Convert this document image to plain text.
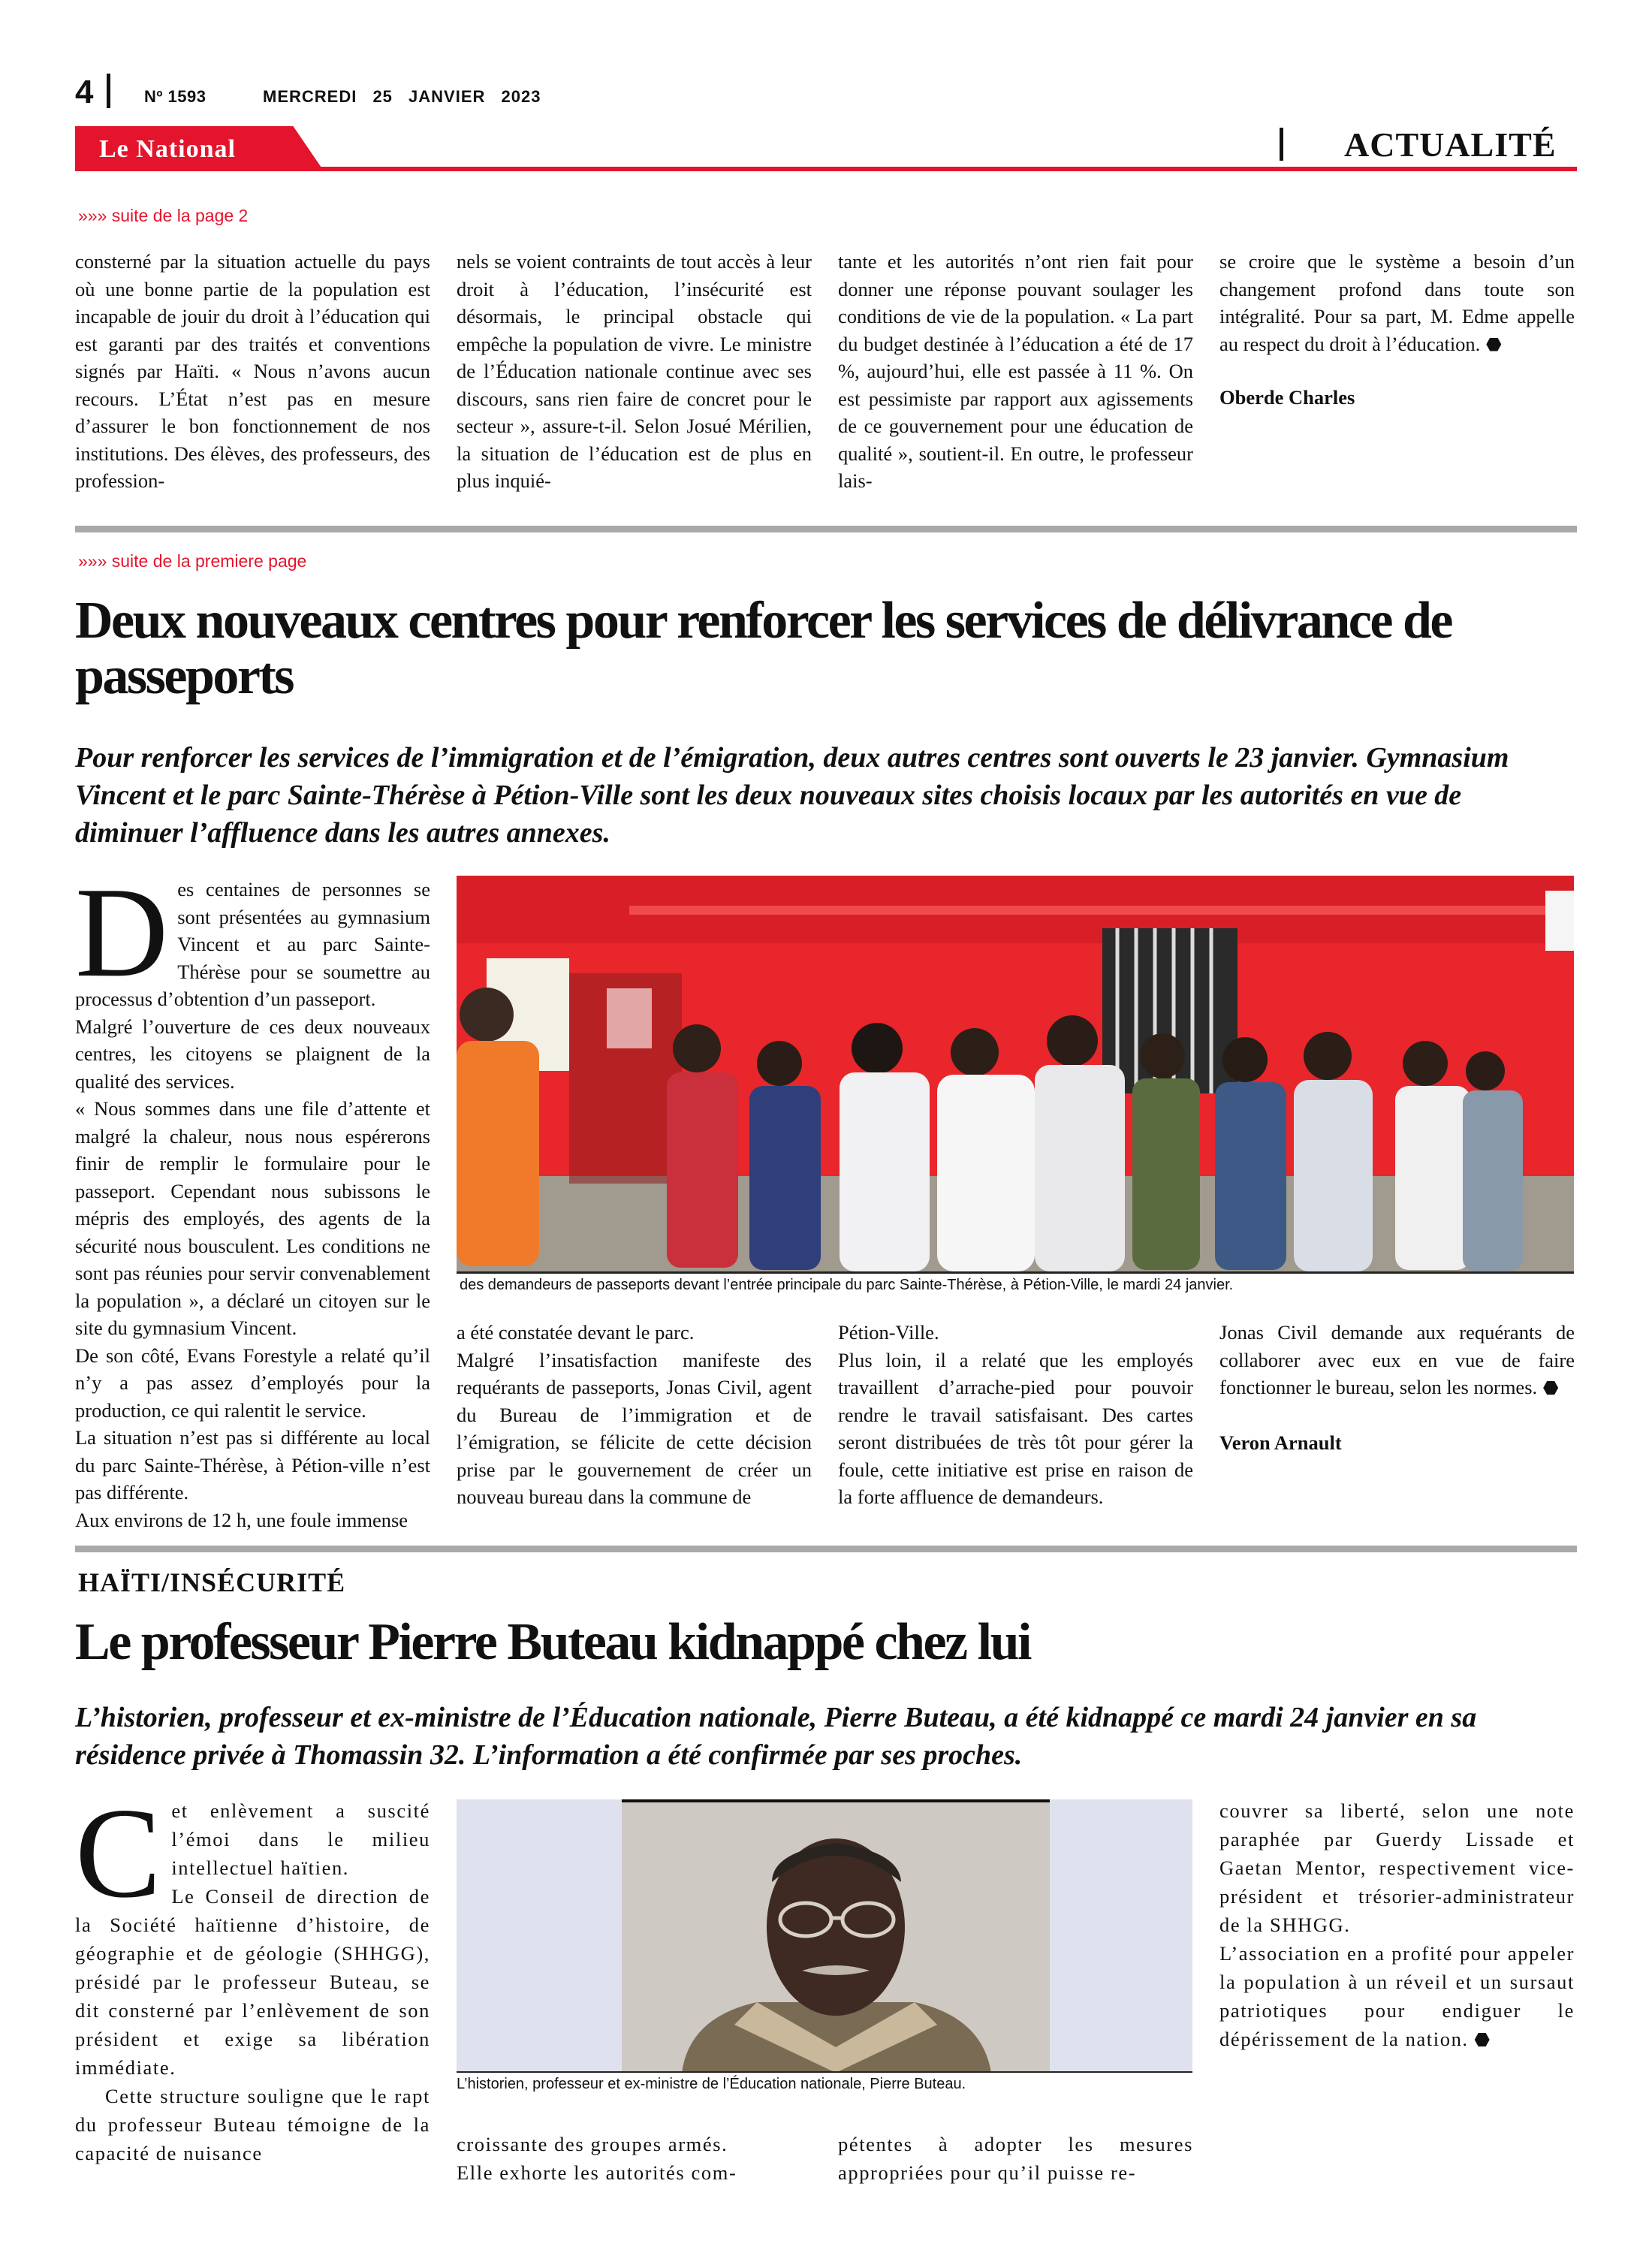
4	Nº 1593	MERCREDI 25 JANVIER 2023
Le National	ACTUALITÉ
»»» suite de la page 2
consterné par la situation actuelle du pays où une bonne partie de la population est incapable de jouir du droit à l’éducation qui est garanti par des traités et conventions signés par Haïti. « Nous n’avons aucun recours. L’État n’est pas en mesure d’assurer le bon fonctionnement de nos institutions. Des élèves, des professeurs, des profession-
nels se voient contraints de tout accès à leur droit à l’éducation, l’insécurité est désormais, le principal obstacle qui empêche la population de vivre. Le ministre de l’Éducation nationale continue avec ses discours, sans rien faire de concret pour le secteur », assure-t-il. Selon Josué Mérilien, la situation de l’éducation est de plus en plus inquié-
tante et les autorités n’ont rien fait pour donner une réponse pouvant soulager les conditions de vie de la population. « La part du budget destinée à l’éducation a été de 17 %, aujourd’hui, elle est passée à 11 %. On est pessimiste par rapport aux agissements de ce gouvernement pour une éducation de qualité », soutient-il. En outre, le professeur lais-
se croire que le système a besoin d’un changement profond dans toute son intégralité. Pour sa part, M. Edme appelle au respect du droit à l’éducation.
Oberde Charles
»»» suite de la premiere page
Deux nouveaux centres pour renforcer les services de délivrance de passeports
Pour renforcer les services de l’immigration et de l’émigration, deux autres centres sont ouverts le 23 janvier. Gymnasium Vincent et le parc Sainte-Thérèse à Pétion-Ville sont les deux nouveaux sites choisis locaux par les autorités en vue de diminuer l’affluence dans les autres annexes.
D es centaines de personnes se sont présentées au gymnasium Vincent et au parc Sainte-Thérèse pour se soumettre au processus d’obtention d’un passeport.

Malgré l’ouverture de ces deux nouveaux centres, les citoyens se plaignent de la qualité des services.

« Nous sommes dans une file d’attente et malgré la chaleur, nous nous espérerons finir de remplir le formulaire pour le passeport. Cependant nous subissons le mépris des employés, des agents de la sécurité nous bousculent. Les conditions ne sont pas réunies pour servir convenablement la population », a déclaré un citoyen sur le site du gymnasium Vincent.

De son côté, Evans Forestyle a relaté qu’il n’y a pas assez d’employés pour la production, ce qui ralentit le service.

La situation n’est pas si différente au local du parc Sainte-Thérèse, à Pétion-ville n’est pas différente.

Aux environs de 12 h, une foule immense

des demandeurs de passeports devant l’entrée principale du parc Sainte-Thérèse, à Pétion-Ville, le mardi 24 janvier.

a été constatée devant le parc.

Malgré l’insatisfaction manifeste des requérants de passeports, Jonas Civil, agent du Bureau de l’immigration et de l’émigration, se félicite de cette décision prise par le gouvernement de créer un nouveau bureau dans la commune de

Pétion-Ville.

Plus loin, il a relaté que les employés travaillent d’arrache-pied pour pouvoir rendre le travail satisfaisant. Des cartes seront distribuées de très tôt pour gérer la foule, cette initiative est prise en raison de la forte affluence de demandeurs.

Jonas Civil demande aux requérants de collaborer avec eux en vue de faire fonctionner le bureau, selon les normes.

Veron Arnault
HAÏTI/INSÉCURITÉ
Le professeur Pierre Buteau kidnappé chez lui
L’historien, professeur et ex-ministre de l’Éducation nationale, Pierre Buteau, a été kidnappé ce mardi 24 janvier en sa résidence privée à Thomassin 32. L’information a été confirmée par ses proches.
C et enlèvement a suscité l’émoi dans le milieu intellectuel haïtien.

Le Conseil de direction de la Société haïtienne d’histoire, de géographie et de géologie (SHHGG), présidé par le professeur Buteau, se dit consterné par l’enlèvement de son président et exige sa libération immédiate.

Cette structure souligne que le rapt du professeur Buteau témoigne de la capacité de nuisance

L’historien, professeur et ex-ministre de l’Éducation nationale, Pierre Buteau.

croissante des groupes armés.

Elle exhorte les autorités com-

pétentes à adopter les mesures appropriées pour qu’il puisse re-

couvrer sa liberté, selon une note paraphée par Guerdy Lissade et Gaetan Mentor, respectivement vice-président et trésorier-administrateur de la SHHGG.

L’association en a profité pour appeler la population à un réveil et un sursaut patriotiques pour endiguer le dépérissement de la nation.
